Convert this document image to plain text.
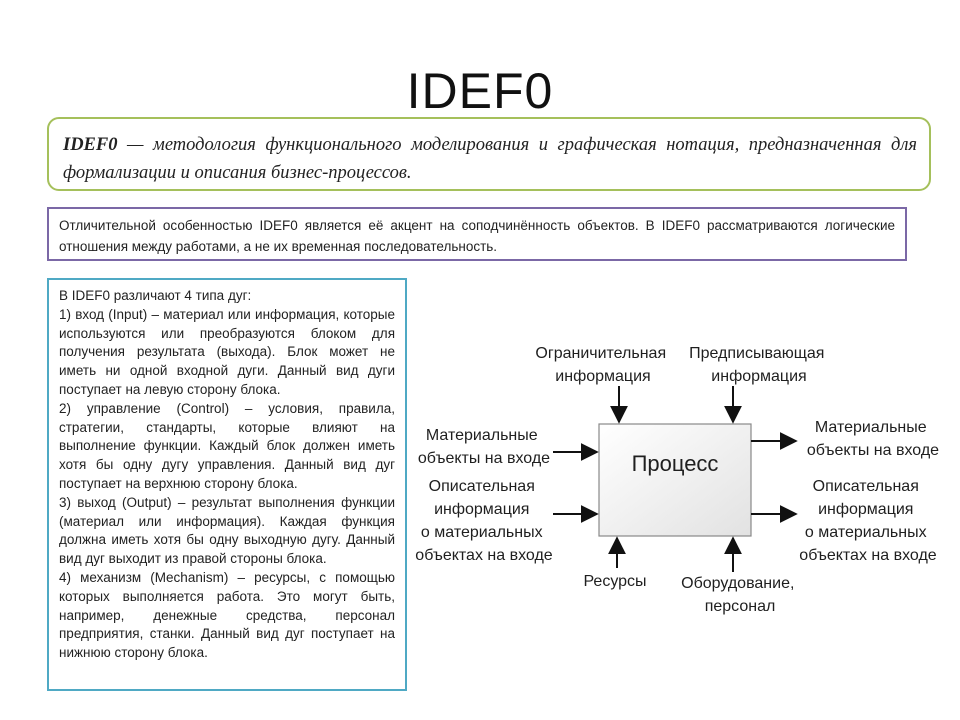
IDEF0
IDEF0 — методология функционального моделирования и графическая нотация, предназначенная для формализации и описания бизнес-процессов.
Отличительной особенностью IDEF0 является её акцент на соподчинённость объектов. В IDEF0 рассматриваются логические отношения между работами, а не их временная последовательность.

В IDEF0 различают 4 типа дуг:

1) вход (Input) – материал или информация, которые используются или преобразуются блоком для получения результата (выхода). Блок может не иметь ни одной входной дуги. Данный вид дуги поступает на левую сторону блока.

2) управление (Control) – условия, правила, стратегии, стандарты, которые влияют на выполнение функции. Каждый блок должен иметь хотя бы одну дугу управления. Данный вид дуг поступает на верхнюю сторону блока.

3) выход (Output) – результат выполнения функции (материал или информация). Каждая функция должна иметь хотя бы одну выходную дугу. Данный вид дуг выходит из правой стороны блока.

4) механизм (Mechanism) – ресурсы, с помощью которых выполняется работа. Это могут быть, например, денежные средства, персонал предприятия, станки. Данный вид дуг поступает на нижнюю сторону блока.

Процесс
Ограничительная информация
Предписывающая информация
Материальные объекты на входе
Описательная информация о материальных объектах на входе
Материальные объекты на входе
Описательная информация о материальных объектах на входе
Ресурсы Оборудование, персонал
